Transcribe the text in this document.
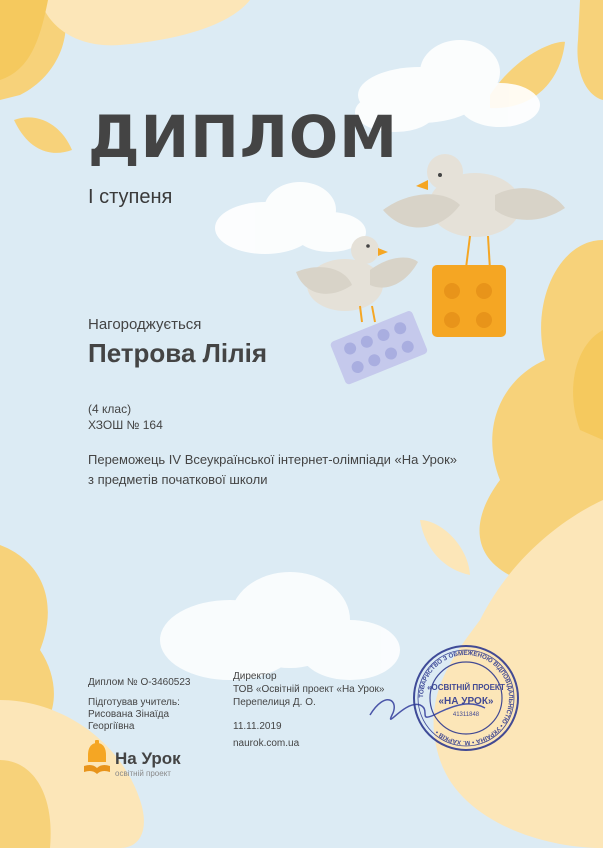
ТОВАРИСТВО З ОБМЕЖЕНОЮ ВІДПОВІДАЛЬНІСТЮ • УКРАЇНА • М. ХАРКІВ •
«ОСВІТНІЙ ПРОЕКТ
«НА УРОК»
41311848
ДИПЛОМ
I ступеня
Нагороджується
Петрова Лілія
(4 клас)
ХЗОШ № 164
Переможець IV Всеукраїнської інтернет-олімпіади «На Урок»
з предметів початкової школи
Диплом № О-3460523
Підготував учитель:
Рисована Зінаїда
Георгіївна
Директор
ТОВ «Освітній проект «На Урок»
Перепелиця Д. О.
11.11.2019
naurok.com.ua
На Урок
освітній проект
